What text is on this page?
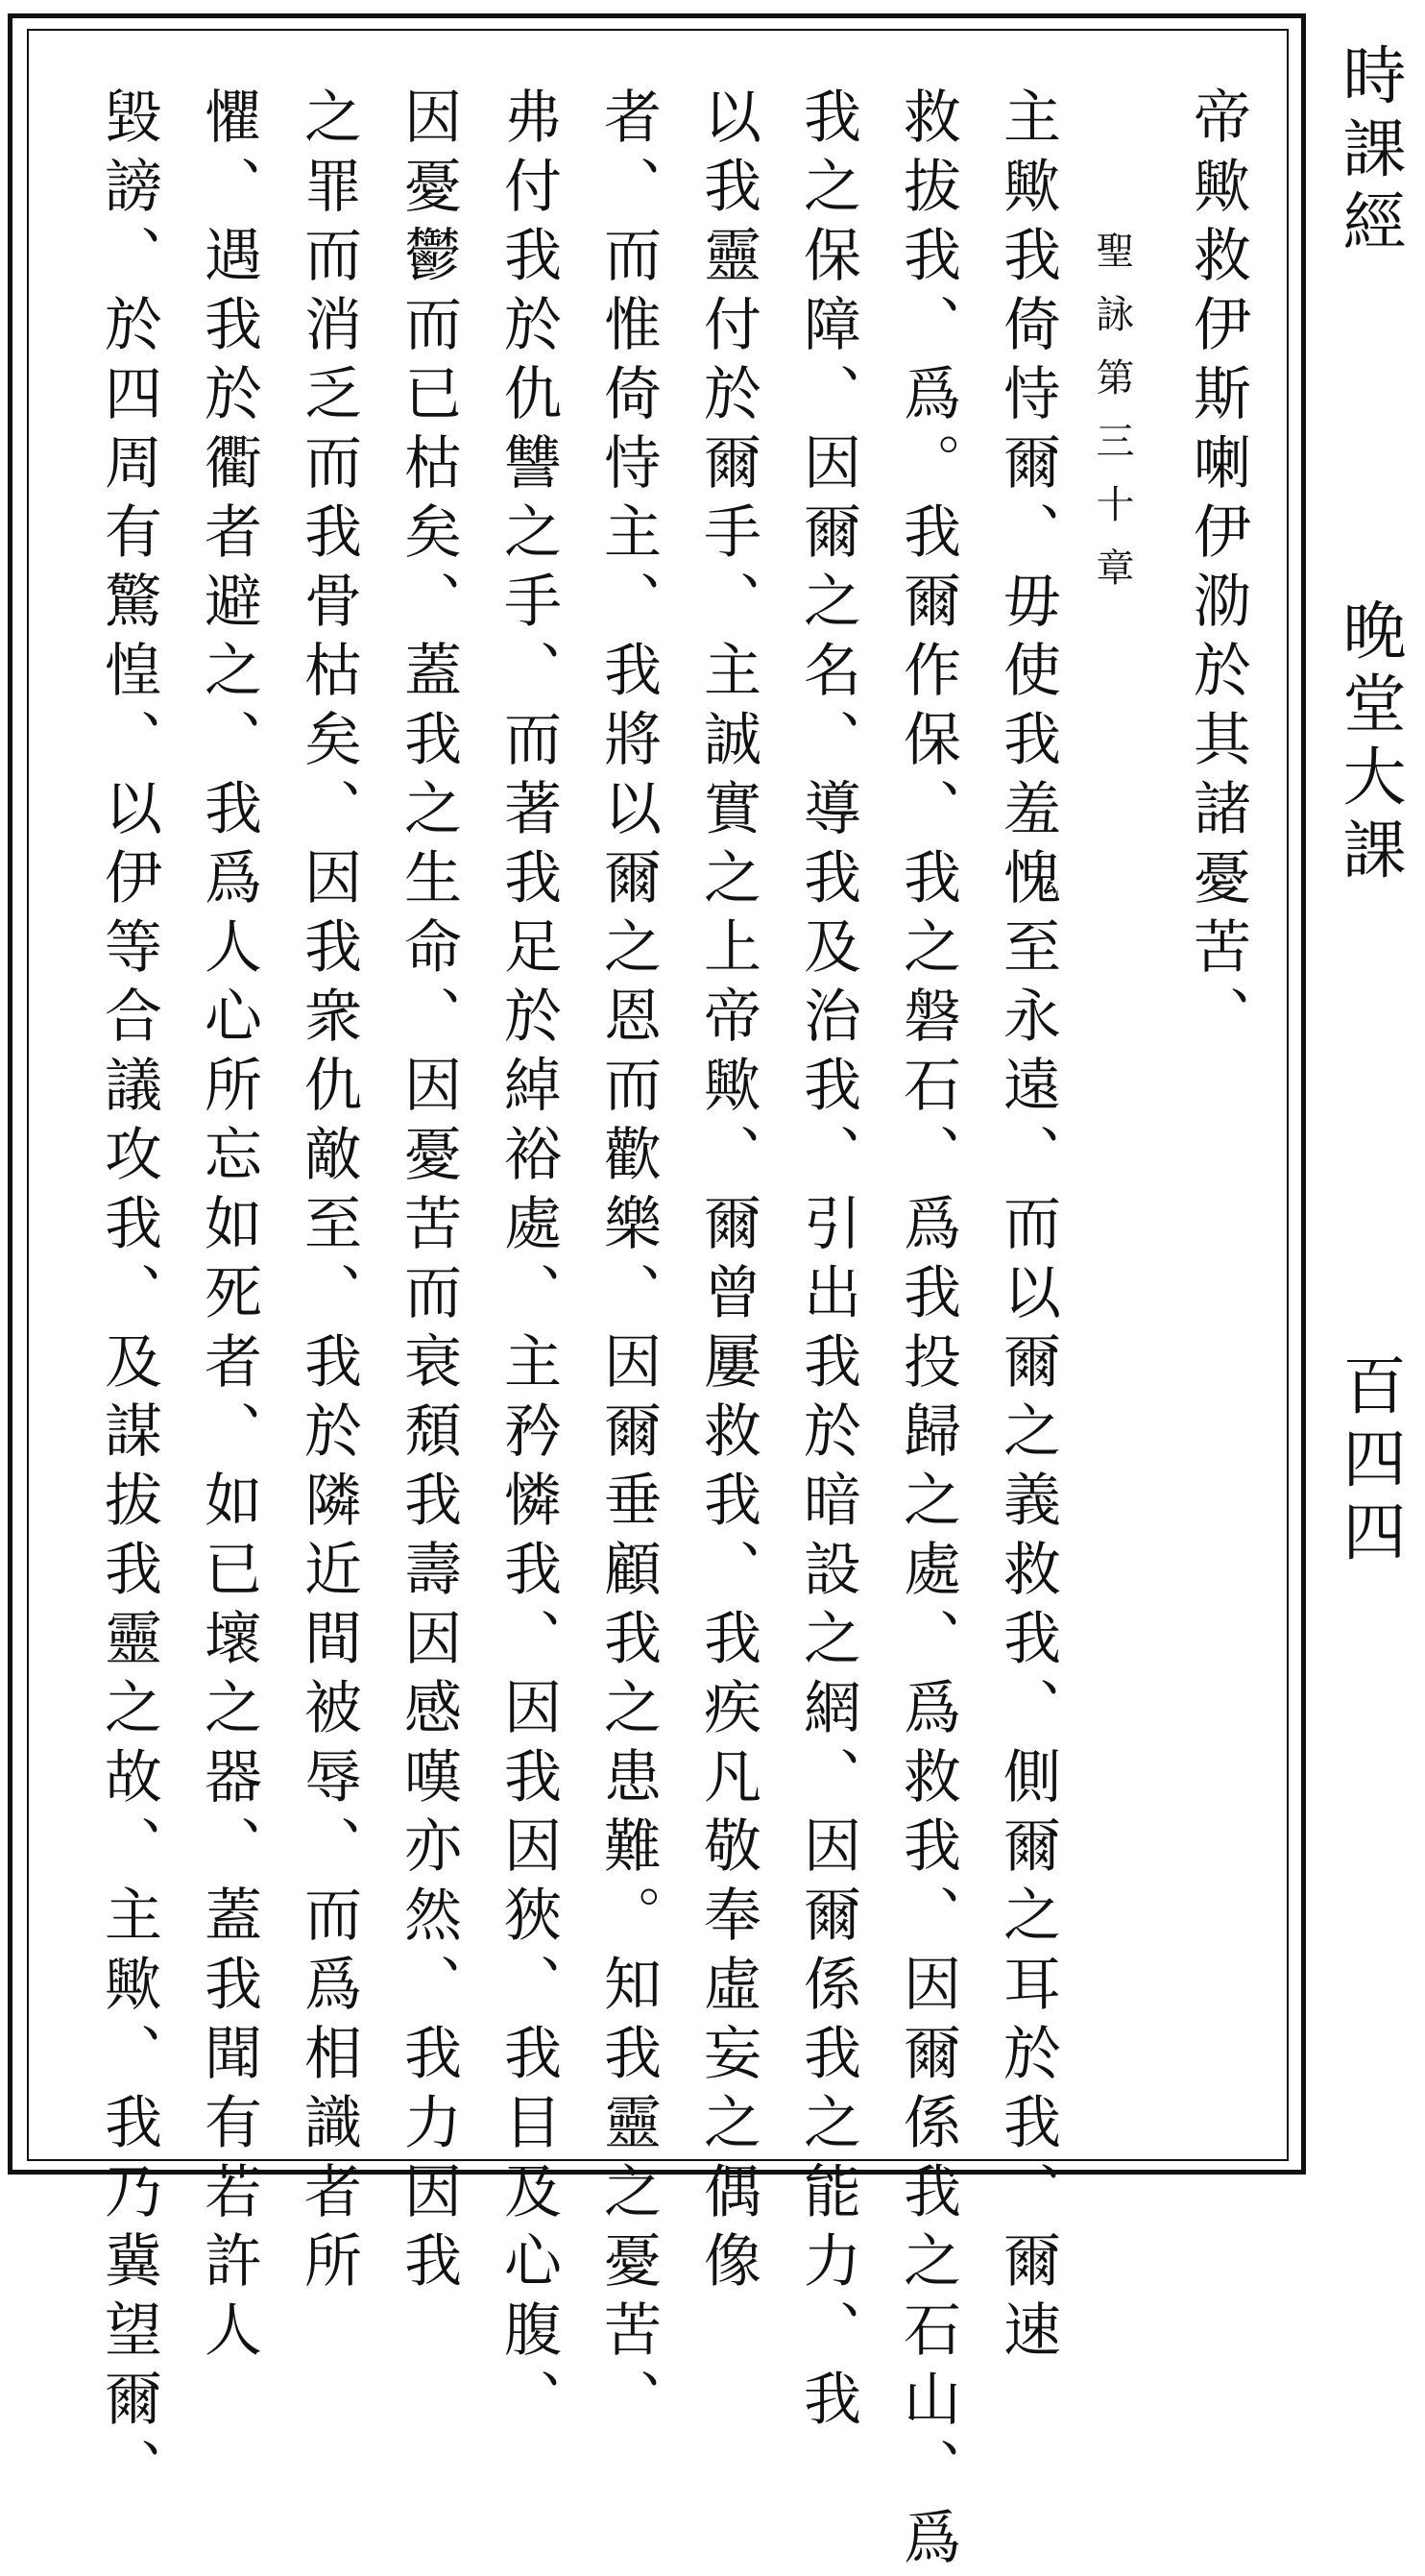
帝歟救伊斯喇伊泐於其諸憂苦、
聖詠第三十章
主歟我倚恃爾、毋使我羞愧至永遠、而以爾之義救我、側爾之耳於我、爾速
救拔我、爲。我爾作保、我之磐石、爲我投歸之處、爲救我、因爾係我之石山、爲
我之保障、因爾之名、導我及治我、引出我於暗設之網、因爾係我之能力、我
以我靈付於爾手、主誠實之上帝歟、爾曾屢救我、我疾凡敬奉虛妄之偶像
者、而惟倚恃主、我將以爾之恩而歡樂、因爾垂顧我之患難。知我靈之憂苦、
弗付我於仇讐之手、而著我足於綽裕處、主矜憐我、因我因狹、我目及心腹、
因憂鬱而已枯矣、蓋我之生命、因憂苦而衰頹我壽因感嘆亦然、我力因我
之罪而消乏而我骨枯矣、因我衆仇敵至、我於隣近間被辱、而爲相識者所
懼、遇我於衢者避之、我爲人心所忘如死者、如已壞之器、蓋我聞有若許人
毀謗、於四周有驚惶、以伊等合議攻我、及謀拔我靈之故、主歟、我乃冀望爾、	時課經
晚堂大課
百四四
